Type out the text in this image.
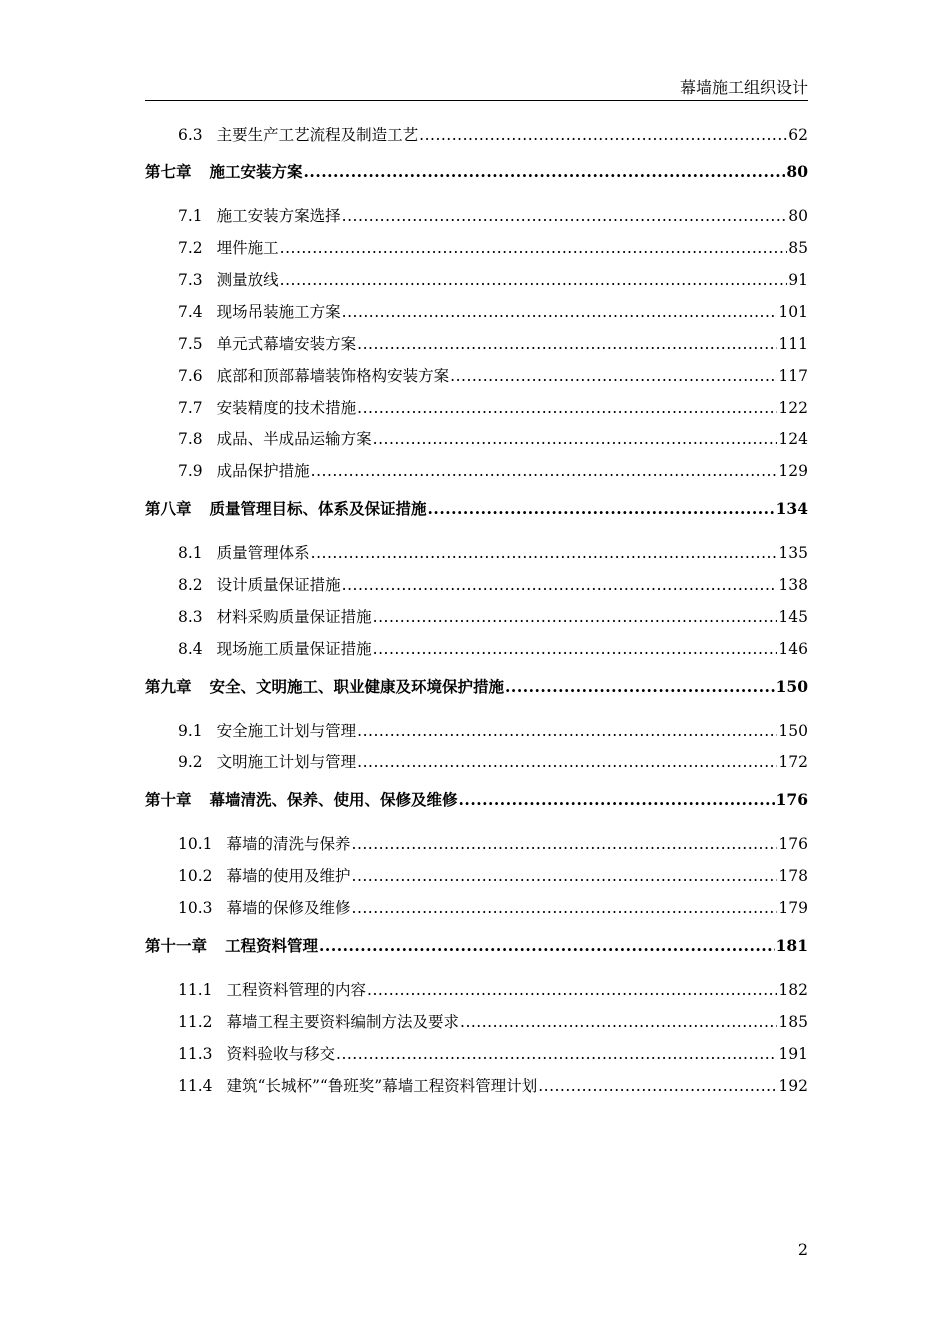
幕墙施工组织设计
6.3 主要生产工艺流程及制造工艺 .....	62
第七章 施工安装方案 .....	80
7.1 施工安装方案选择 .....	80
7.2 埋件施工 .....	85
7.3 测量放线 .....	91
7.4 现场吊装施工方案 .....	101
7.5 单元式幕墙安装方案 .....	111
7.6 底部和顶部幕墙装饰格构安装方案 .....	117
7.7 安装精度的技术措施 .....	122
7.8 成品、半成品运输方案 .....	124
7.9 成品保护措施 .....	129
第八章 质量管理目标、体系及保证措施 .....	134
8.1 质量管理体系 .....	135
8.2 设计质量保证措施 .....	138
8.3 材料采购质量保证措施 .....	145
8.4 现场施工质量保证措施 .....	146
第九章 安全、文明施工、职业健康及环境保护措施 .....	150
9.1 安全施工计划与管理 .....	150
9.2 文明施工计划与管理 .....	172
第十章 幕墙清洗、保养、使用、保修及维修 .....	176
10.1 幕墙的清洗与保养 .....	176
10.2 幕墙的使用及维护 .....	178
10.3 幕墙的保修及维修 .....	179
第十一章 工程资料管理 .....	181
11.1 工程资料管理的内容 .....	182
11.2 幕墙工程主要资料编制方法及要求 .....	185
11.3 资料验收与移交 .....	191
11.4 建筑“长城杯”“鲁班奖”幕墙工程资料管理计划 .....	192
2
